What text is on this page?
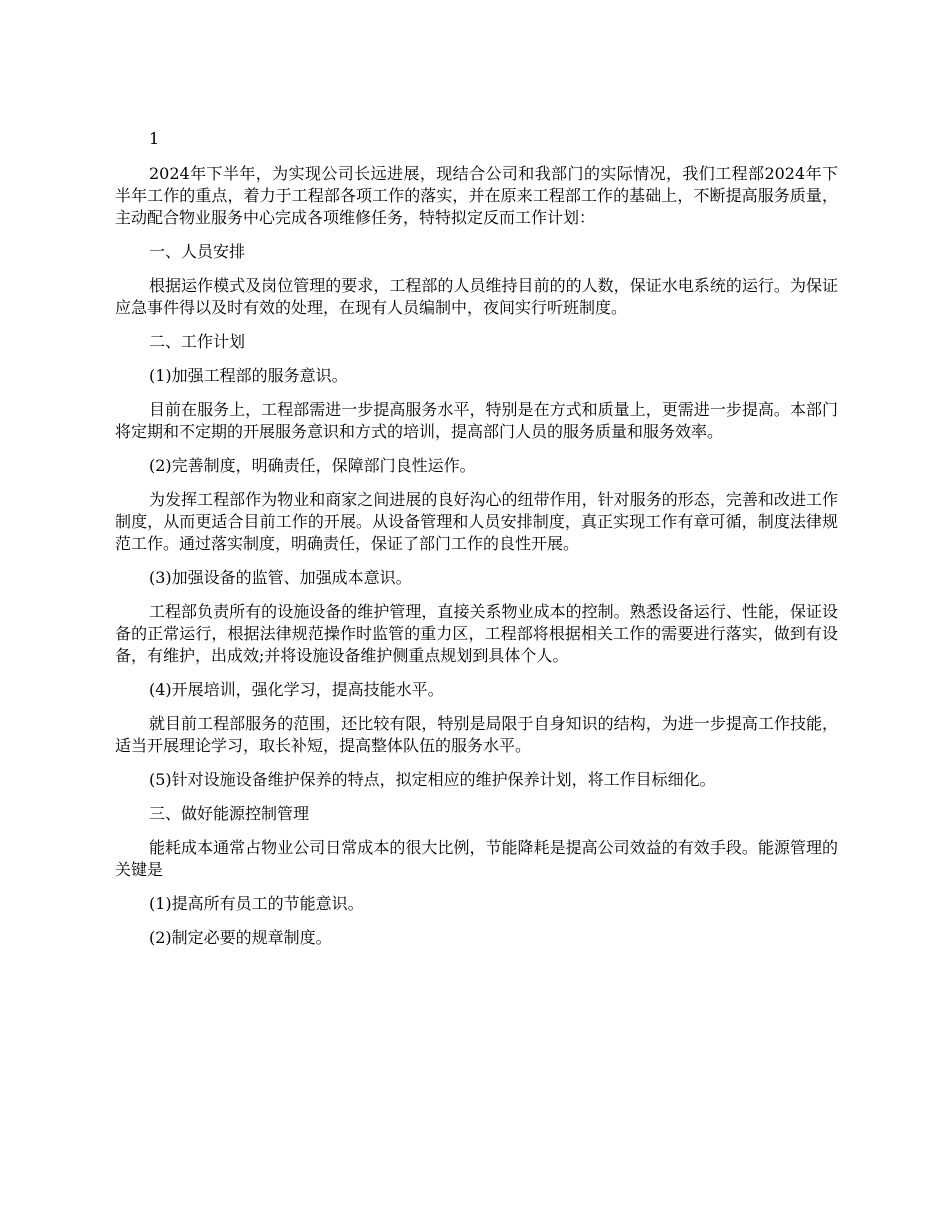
1

2024年下半年，为实现公司长远进展，现结合公司和我部门的实际情况，我们工程部2024年下半年工作的重点，着力于工程部各项工作的落实，并在原来工程部工作的基础上，不断提高服务质量，主动配合物业服务中心完成各项维修任务，特特拟定反而工作计划：

一、人员安排

根据运作模式及岗位管理的要求，工程部的人员维持目前的的人数，保证水电系统的运行。为保证应急事件得以及时有效的处理，在现有人员编制中，夜间实行听班制度。

二、工作计划

(1)加强工程部的服务意识。

目前在服务上，工程部需进一步提高服务水平，特别是在方式和质量上，更需进一步提高。本部门将定期和不定期的开展服务意识和方式的培训，提高部门人员的服务质量和服务效率。

(2)完善制度，明确责任，保障部门良性运作。

为发挥工程部作为物业和商家之间进展的良好沟心的纽带作用，针对服务的形态，完善和改进工作制度，从而更适合目前工作的开展。从设备管理和人员安排制度，真正实现工作有章可循，制度法律规范工作。通过落实制度，明确责任，保证了部门工作的良性开展。

(3)加强设备的监管、加强成本意识。

工程部负责所有的设施设备的维护管理，直接关系物业成本的控制。熟悉设备运行、性能，保证设备的正常运行，根据法律规范操作时监管的重力区，工程部将根据相关工作的需要进行落实，做到有设备，有维护，出成效;并将设施设备维护侧重点规划到具体个人。

(4)开展培训，强化学习，提高技能水平。

就目前工程部服务的范围，还比较有限，特别是局限于自身知识的结构，为进一步提高工作技能，适当开展理论学习，取长补短，提高整体队伍的服务水平。

(5)针对设施设备维护保养的特点，拟定相应的维护保养计划，将工作目标细化。

三、做好能源控制管理

能耗成本通常占物业公司日常成本的很大比例，节能降耗是提高公司效益的有效手段。能源管理的关键是

(1)提高所有员工的节能意识。

(2)制定必要的规章制度。
